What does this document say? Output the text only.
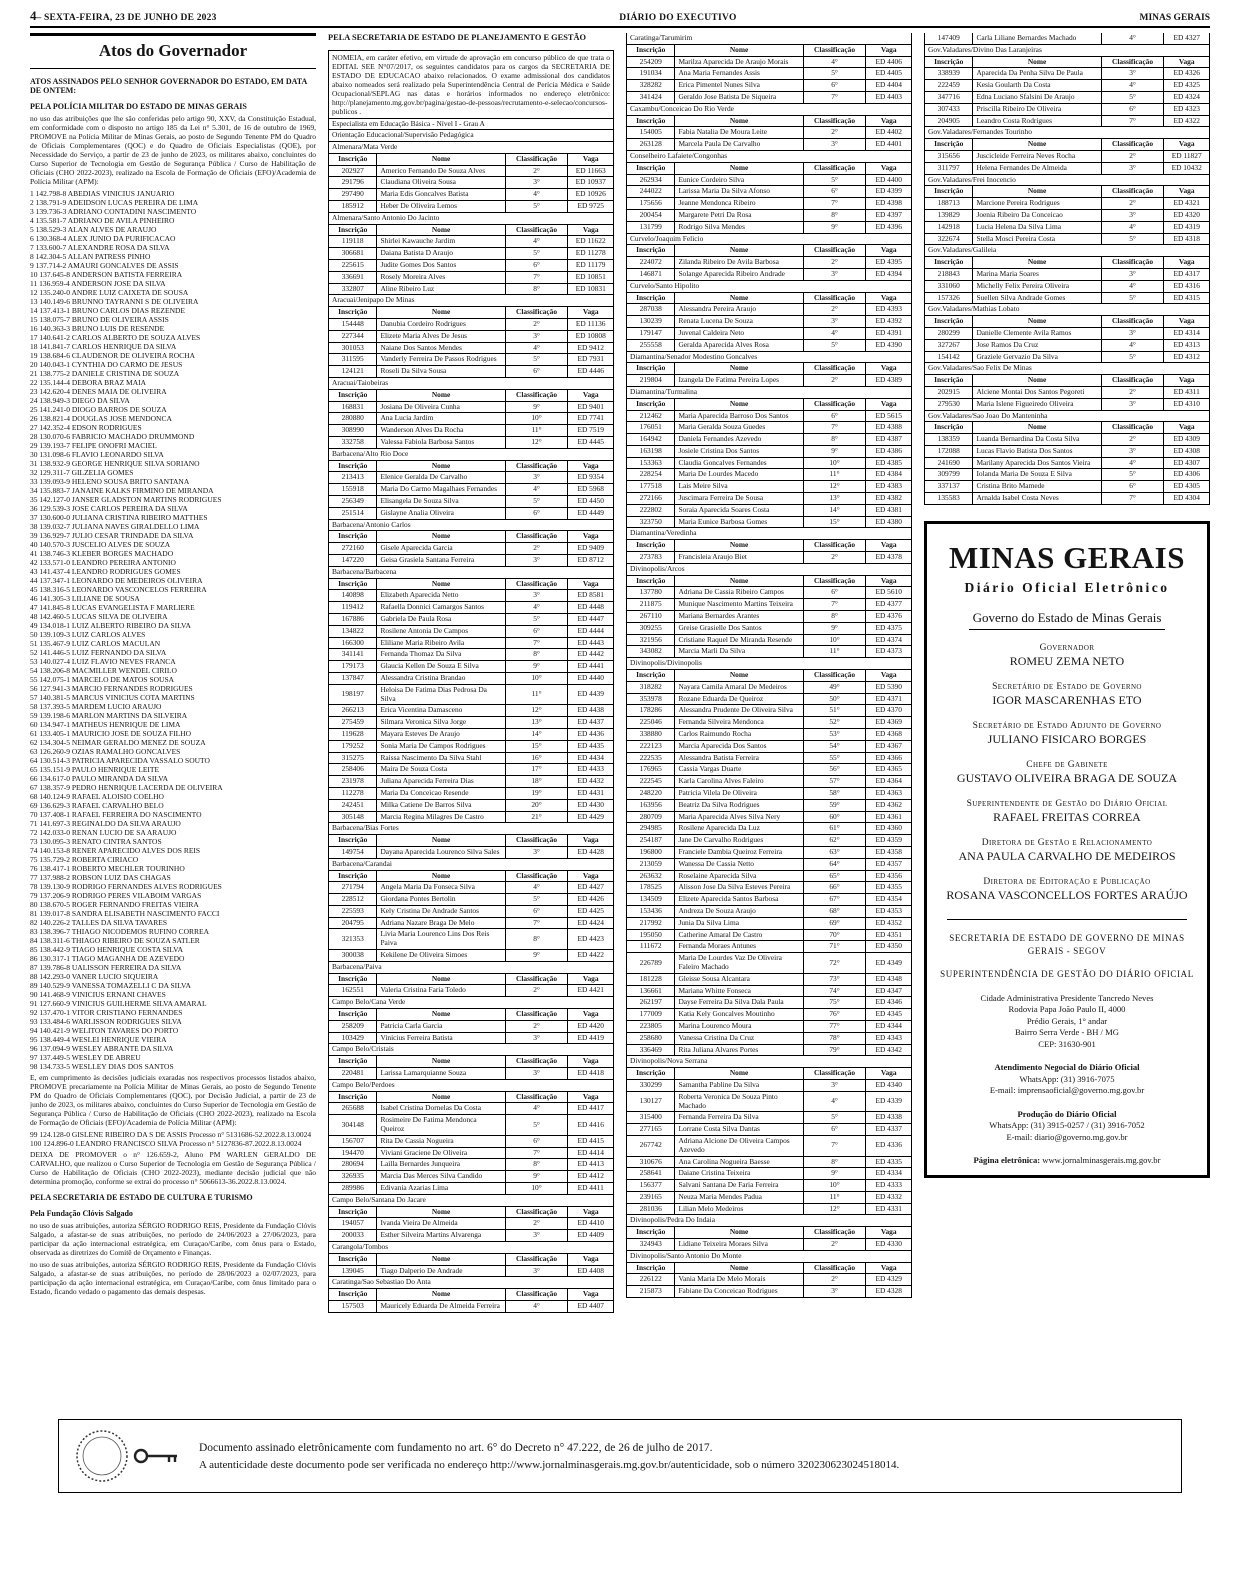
4 – SEXTA-FEIRA, 23 DE JUNHO DE 2023	DIÁRIO DO EXECUTIVO	MINAS GERAIS
Atos do Governador
ATOS ASSINADOS PELO SENHOR GOVERNADOR DO ESTADO, EM DATA DE ONTEM:
PELA POLÍCIA MILITAR DO ESTADO DE MINAS GERAIS
no uso das atribuições que lhe são conferidas pelo artigo 90, XXV, da Constituição Estadual, em conformidade com o disposto no artigo 185 da Lei n° 5.301, de 16 de outubro de 1969, PROMOVE na Polícia Militar de Minas Gerais, ao posto de Segundo Tenente PM do Quadro de Oficiais Complementares (QOC) e do Quadro de Oficiais Especialistas (QOE), por Necessidade do Serviço, a partir de 23 de junho de 2023, os militares abaixo, concluintes do Curso Superior de Tecnologia em Gestão de Segurança Pública / Curso de Habilitação de Oficiais (CHO 2022-2023), realizado na Escola de Formação de Oficiais (EFO)/Academia de Polícia Militar (APM):
1 142.798-8 ABEDIAS VINICIUS JANUARIO
2 138.791-9 ADEIDSON LUCAS PEREIRA DE LIMA
3 139.736-3 ADRIANO CONTADINI NASCIMENTO
4 135.581-7 ADRIANO DE AVILA PINHEIRO
5 138.529-3 ALAN ALVES DE ARAUJO
6 130.368-4 ALEX JUNIO DA PURIFICACAO
7 133.600-7 ALEXANDRE ROSA DA SILVA
8 142.304-5 ALLAN PATRESS PINHO
9 137.714-2 AMAURI GONCALVES DE ASSIS
10 137.645-8 ANDERSON BATISTA FERREIRA
11 136.959-4 ANDERSON JOSE DA SILVA
12 135.240-0 ANDRE LUIZ CAIXETA DE SOUSA
13 140.149-6 BRUNNO TAYRANNI S DE OLIVEIRA
14 137.413-1 BRUNO CARLOS DIAS REZENDE
15 138.075-7 BRUNO DE OLIVEIRA ASSIS
16 140.363-3 BRUNO LUIS DE RESENDE
17 140.641-2 CARLOS ALBERTO DE SOUZA ALVES
18 141.841-7 CARLOS HENRIQUE DA SILVA
19 138.684-6 CLAUDENOR DE OLIVEIRA ROCHA
20 140.043-1 CYNTHIA DO CARMO DE JESUS
21 138.775-2 DANIELE CRISTINA DE SOUZA
22 135.144-4 DEBORA BRAZ MAIA
23 142.620-4 DENES MAIA DE OLIVEIRA
24 138.949-3 DIEGO DA SILVA
25 141.241-0 DIOGO BARROS DE SOUZA
26 138.821-4 DOUGLAS JOSE MENDONCA
27 142.352-4 EDSON RODRIGUES
28 130.070-6 FABRICIO MACHADO DRUMMOND
29 139.193-7 FELIPE ONOFRI MACIEL
30 131.098-6 FLAVIO LEONARDO SILVA
31 138.932-9 GEORGE HENRIQUE SILVA SORIANO
32 129.311-7 GILZELIA GOMES
33 139.093-9 HELENO SOUSA BRITO SANTANA
34 135.883-7 JANAINE KALKS FIRMINO DE MIRANDA
35 142.127-0 JANSER GLADSTON MARTINS RODRIGUES
36 129.539-3 JOSE CARLOS PEREIRA DA SILVA
37 130.600-0 JULIANA CRISTINA RIBEIRO MATTHES
38 139.032-7 JULIANA NAVES GIRALDELLO LIMA
39 136.929-7 JULIO CESAR TRINDADE DA SILVA
40 140.570-3 JUSCELIO ALVES DE SOUZA
41 138.746-3 KLEBER BORGES MACHADO
42 133.571-0 LEANDRO PEREIRA ANTONIO
43 141.437-4 LEANDRO RODRIGUES GOMES
44 137.347-1 LEONARDO DE MEDEIROS OLIVEIRA
45 138.316-5 LEONARDO VASCONCELOS FERREIRA
46 141.305-3 LILIANE DE SOUSA
47 141.845-8 LUCAS EVANGELISTA F MARLIERE
48 142.460-5 LUCAS SILVA DE OLIVEIRA
49 134.018-1 LUIZ ALBERTO RIBEIRO DA SILVA
50 139.109-3 LUIZ CARLOS ALVES
51 135.467-9 LUIZ CARLOS MACULAN
52 141.446-5 LUIZ FERNANDO DA SILVA
53 140.027-4 LUIZ FLAVIO NEVES FRANCA
54 138.206-8 MACMILLER WENDEL CIRILO
55 142.075-1 MARCELO DE MATOS SOUSA
56 127.941-3 MARCIO FERNANDES RODRIGUES
57 140.381-5 MARCUS VINICIUS COTA MARTINS
58 137.393-5 MARDEM LUCIO ARAUJO
59 139.198-6 MARLON MARTINS DA SILVEIRA
60 134.947-1 MATHEUS HENRIQUE DE LIMA
61 133.405-1 MAURICIO JOSE DE SOUZA FILHO
62 134.304-5 NEIMAR GERALDO MENEZ DE SOUZA
63 126.260-9 OZIAS RAMALHO GONCALVES
64 130.514-3 PATRICIA APARECIDA VASSALO SOUTO
65 135.151-9 PAULO HENRIQUE LEITE
66 134.617-0 PAULO MIRANDA DA SILVA
67 138.357-9 PEDRO HENRIQUE LACERDA DE OLIVEIRA
68 140.124-9 RAFAEL ALOISIO COELHO
69 136.629-3 RAFAEL CARVALHO BELO
70 137.408-1 RAFAEL FERREIRA DO NASCIMENTO
71 141.697-3 REGINALDO DA SILVA ARAUJO
72 142.033-0 RENAN LUCIO DE SA ARAUJO
73 130.095-3 RENATO CINTRA SANTOS
74 140.153-8 RENER APARECIDO ALVES DOS REIS
75 135.729-2 ROBERTA CIRIACO
76 138.417-1 ROBERTO MECHLER TOURINHO
77 137.988-2 ROBSON LUIZ DAS CHAGAS
78 139.130-9 RODRIGO FERNANDES ALVES RODRIGUES
79 137.206-9 RODRIGO PERES VILABOIM VARGAS
80 138.670-5 ROGER FERNANDO FREITAS VIEIRA
81 139.017-8 SANDRA ELISABETH NASCIMENTO FACCI
82 140.226-2 TALLES DA SILVA TAVARES
83 138.396-7 THIAGO NICODEMOS RUFINO CORREA
84 138.311-6 THIAGO RIBEIRO DE SOUZA SATLER
85 138.442-9 TIAGO HENRIQUE COSTA SILVA
86 130.317-1 TIAGO MAGANHA DE AZEVEDO
87 139.786-8 UALISSON FERREIRA DA SILVA
88 142.293-0 VANER LUCIO SIQUEIRA
89 140.529-9 VANESSA TOMAZELLI C DA SILVA
90 141.468-9 VINICIUS ERNANI CHAVES
91 127.660-9 VINICIUS GUILHERME SILVA AMARAL
92 137.470-1 VITOR CRISTIANO FERNANDES
93 133.484-6 WARLISSON RODRIGUES SILVA
94 140.421-9 WELITON TAVARES DO PORTO
95 138.449-4 WESLEI HENRIQUE VIEIRA
96 137.094-9 WESLEY ABRANTE DA SILVA
97 137.449-5 WESLEY DE ABREU
98 134.733-5 WESLLEY DIAS DOS SANTOS
E, em cumprimento às decisões judiciais exaradas nos respectivos processos listados abaixo, PROMOVE precariamente na Polícia Militar de Minas Gerais, ao posto de Segundo Tenente PM do Quadro de Oficiais Complementares (QOC), por Decisão Judicial, a partir de 23 de junho de 2023, os militares abaixo, concluintes do Curso Superior de Tecnologia em Gestão de Segurança Pública / Curso de Habilitação de Oficiais (CHO 2022-2023), realizado na Escola de Formação de Oficiais (EFO)/Academia de Polícia Militar (APM):
99 124.128-0 GISLENE RIBEIRO DA S DE ASSIS Processo n° 5131686-52.2022.8.13.0024
100 124.896-0 LEANDRO FRANCISCO SILVA Processo n° 5127836-87.2022.8.13.0024
DEIXA DE PROMOVER o n° 126.659-2, Aluno PM WARLEN GERALDO DE CARVALHO, que realizou o Curso Superior de Tecnologia em Gestão de Segurança Pública / Curso de Habilitação de Oficiais (CHO 2022-2023), mediante decisão judicial que não determina promoção, conforme se extrai do processo n° 5066613-36.2022.8.13.0024.
PELA SECRETARIA DE ESTADO DE CULTURA E TURISMO
Pela Fundação Clóvis Salgado
no uso de suas atribuições, autoriza SÉRGIO RODRIGO REIS, Presidente da Fundação Clóvis Salgado, a afastar-se de suas atribuições, no período de 24/06/2023 a 27/06/2023, para participar da ação internacional estratégica, em Curaçao/Caribe, com ônus para o Estado, observada as diretrizes do Comitê de Orçamento e Finanças.
no uso de suas atribuições, autoriza SÉRGIO RODRIGO REIS, Presidente da Fundação Clóvis Salgado, a afastar-se de suas atribuições, no período de 28/06/2023 a 02/07/2023, para participação da ação internacional estratégica, em Curaçao/Caribe, com ônus limitado para o Estado, ficando vedado o pagamento das demais despesas.
PELA SECRETARIA DE ESTADO DE PLANEJAMENTO E GESTÃO
NOMEIA, em caráter efetivo, em virtude de aprovação em concurso público de que trata o EDITAL SEE N°07/2017, os seguintes candidatos para os cargos da SECRETARIA DE ESTADO DE EDUCACAO abaixo relacionados. O exame admissional dos candidatos abaixo nomeados será realizado pela Superintendência Central de Perícia Médica e Saúde Ocupacional/SEPLAG nas datas e horários informados no endereço eletrônico: http://planejamento.mg.gov.br/pagina/gestao-de-pessoas/recrutamento-e-selecao/concursos-publicos .
Especialista em Educação Básica - Nível I - Grau A
Orientação Educacional/Supervisão Pedagógica
Almenara/Mata Verde
Inscrição	Nome	Classificação	Vaga
202927	Americo Fernando De Souza Alves	2°	ED 11663
291796	Claudiana Oliveira Sousa	3°	ED 10937
297490	Maria Edis Goncalves Batista	4°	ED 10926
185912	Heber De Oliveira Lemos	5°	ED 9725
Almenara/Santo Antonio Do Jacinto
Inscrição	Nome	Classificação	Vaga
119118	Shirlei Kawauche Jardim	4°	ED 11622
306681	Daiana Batista D Araujo	5°	ED 11278
225615	Judite Gomes Dos Santos	6°	ED 11179
336691	Rosely Moreira Alves	7°	ED 10851
332807	Aline Ribeiro Luz	8°	ED 10831
Aracuai/Jenipapo De Minas
Inscrição	Nome	Classificação	Vaga
154448	Danubia Cordeiro Rodrigues	2°	ED 11136
227344	Elizete Maria Alves De Jesus	3°	ED 10808
301053	Naiane Dos Santos Mendes	4°	ED 9412
311595	Vanderly Ferreira De Passos Rodrigues	5°	ED 7931
124121	Roseli Da Silva Sousa	6°	ED 4446
Aracuai/Taiobeiras
Inscrição	Nome	Classificação	Vaga
168831	Josiana De Oliveira Cunha	9°	ED 9401
280880	Ana Lucia Jardim	10°	ED 7741
308990	Wanderson Alves Da Rocha	11°	ED 7519
332758	Valessa Fabiola Barbosa Santos	12°	ED 4445
Barbacena/Alto Rio Doce
Inscrição	Nome	Classificação	Vaga
213413	Elenice Geralda De Carvalho	3°	ED 9354
155918	Maria Do Carmo Magalhaes Fernandes	4°	ED 5968
256349	Elisangela De Souza Silva	5°	ED 4450
251514	Gislayne Analia Oliveira	6°	ED 4449
Barbacena/Antonio Carlos
Inscrição	Nome	Classificação	Vaga
272160	Gisele Aparecida Garcia	2°	ED 9409
147220	Geisa Grasiela Santana Ferreira	3°	ED 8712
Barbacena/Barbacena
Inscrição	Nome	Classificação	Vaga
140898	Elizabeth Aparecida Netto	3°	ED 8581
119412	Rafaella Donnici Camargos Santos	4°	ED 4448
167886	Gabriela De Paula Rosa	5°	ED 4447
134822	Rosilene Antonia De Campos	6°	ED 4444
166300	Eliliane Maria Ribeiro Avila	7°	ED 4443
341141	Fernanda Thomaz Da Silva	8°	ED 4442
179173	Glaucia Kellen De Souza E Silva	9°	ED 4441
137847	Alessandra Cristina Brandao	10°	ED 4440
198197	Heloisa De Fatima Dias Pedrosa Da Silva	11°	ED 4439
266213	Erica Vicentina Damasceno	12°	ED 4438
275459	Silmara Veronica Silva Jorge	13°	ED 4437
119628	Mayara Esteves De Araujo	14°	ED 4436
179252	Sonia Maria De Campos Rodrigues	15°	ED 4435
315275	Raissa Nascimento Da Silva Stahl	16°	ED 4434
258406	Maira De Souza Costa	17°	ED 4433
231978	Juliana Aparecida Ferreira Dias	18°	ED 4432
112278	Maria Da Conceicao Resende	19°	ED 4431
242451	Milka Catiene De Barros Silva	20°	ED 4430
305148	Marcia Regina Milagres De Castro	21°	ED 4429
Barbacena/Bias Fortes
Inscrição	Nome	Classificação	Vaga
149754	Dayana Aparecida Lourenco Silva Sales	3°	ED 4428
Barbacena/Carandai
Inscrição	Nome	Classificação	Vaga
271794	Angela Maria Da Fonseca Silva	4°	ED 4427
228512	Giordana Pontes Bertolin	5°	ED 4426
225593	Kely Cristina De Andrade Santos	6°	ED 4425
204795	Adriana Nazare Braga De Melo	7°	ED 4424
321353	Livia Maria Lourenco Lins Dos Reis Paiva	8°	ED 4423
300038	Kekilene De Oliveira Simoes	9°	ED 4422
Barbacena/Paiva
Inscrição	Nome	Classificação	Vaga
162551	Valeria Cristina Faria Toledo	2°	ED 4421
Campo Belo/Cana Verde
Inscrição	Nome	Classificação	Vaga
258209	Patricia Carla Garcia	2°	ED 4420
103429	Vinicius Ferreira Batista	3°	ED 4419
Campo Belo/Cristais
Inscrição	Nome	Classificação	Vaga
220481	Larissa Lamarquianne Souza	3°	ED 4418
Campo Belo/Perdoes
Inscrição	Nome	Classificação	Vaga
265688	Isabel Cristina Dornelas Da Costa	4°	ED 4417
304148	Rosimeire De Fatima Mendonca Queiroz	5°	ED 4416
156707	Rita De Cassia Nogueira	6°	ED 4415
194470	Viviani Graciene De Oliveira	7°	ED 4414
280694	Lailla Bernardes Junqueira	8°	ED 4413
326935	Marcia Das Merces Silva Candido	9°	ED 4412
289986	Edivania Azarias Lima	10°	ED 4411
Campo Belo/Santana Do Jacare
Inscrição	Nome	Classificação	Vaga
194057	Ivanda Vieira De Almeida	2°	ED 4410
200033	Esther Silveira Martins Alvarenga	3°	ED 4409
Carangola/Tombos
Inscrição	Nome	Classificação	Vaga
139045	Tiago Dalperio De Andrade	3°	ED 4408
Caratinga/Sao Sebastiao Do Anta
Inscrição	Nome	Classificação	Vaga
157503	Mauricely Eduarda De Almeida Ferreira	4°	ED 4407
Caratinga/Tarumirim
Inscrição	Nome	Classificação	Vaga
254209	Marilza Aparecida De Araujo Morais	4°	ED 4406
191034	Ana Maria Fernandes Assis	5°	ED 4405
328282	Erica Pimentel Nunes Silva	6°	ED 4404
341424	Geraldo Jose Batista De Siqueira	7°	ED 4403
Caxambu/Conceicao Do Rio Verde
Inscrição	Nome	Classificação	Vaga
154005	Fabia Natalia De Moura Leite	2°	ED 4402
263128	Marcela Paula De Carvalho	3°	ED 4401
Conselheiro Lafaiete/Congonhas
Inscrição	Nome	Classificação	Vaga
262934	Eunice Cordeiro Silva	5°	ED 4400
244022	Larissa Maria Da Silva Afonso	6°	ED 4399
175656	Jeanne Mendonca Ribeiro	7°	ED 4398
200454	Margarete Petri Da Rosa	8°	ED 4397
131799	Rodrigo Silva Mendes	9°	ED 4396
Curvelo/Joaquim Felicio
Inscrição	Nome	Classificação	Vaga
224072	Zilanda Ribeiro De Avila Barbosa	2°	ED 4395
146871	Solange Aparecida Ribeiro Andrade	3°	ED 4394
Curvelo/Santo Hipolito
Inscrição	Nome	Classificação	Vaga
287038	Alessandra Pereira Araujo	2°	ED 4393
130239	Renata Lucena De Souza	3°	ED 4392
179147	Juvenal Caldeira Neto	4°	ED 4391
255558	Geralda Aparecida Alves Rosa	5°	ED 4390
Diamantina/Senador Modestino Goncalves
Inscrição	Nome	Classificação	Vaga
219804	Izangela De Fatima Pereira Lopes	2°	ED 4389
Diamantina/Turmalina
Inscrição	Nome	Classificação	Vaga
212462	Maria Aparecida Barroso Dos Santos	6°	ED 5615
176051	Maria Geralda Souza Guedes	7°	ED 4388
164942	Daniela Fernandes Azevedo	8°	ED 4387
163198	Josiele Cristina Dos Santos	9°	ED 4386
153363	Claudia Goncalves Fernandes	10°	ED 4385
228254	Maria De Lourdes Macedo	11°	ED 4384
177518	Lais Meire Silva	12°	ED 4383
272166	Juscimara Ferreira De Sousa	13°	ED 4382
222802	Soraia Aparecida Soares Costa	14°	ED 4381
323750	Maria Eunice Barbosa Gomes	15°	ED 4380
Diamantina/Veredinha
Inscrição	Nome	Classificação	Vaga
273783	Francisleia Araujo Biet	2°	ED 4378
Divinopolis/Arcos
Inscrição	Nome	Classificação	Vaga
137780	Adriana De Cassia Ribeiro Campos	6°	ED 5610
211875	Munique Nascimento Martins Teixeira	7°	ED 4377
267110	Mariana Bernardes Arantes	8°	ED 4376
309255	Greise Grasielle Dos Santos	9°	ED 4375
321956	Cristiane Raquel De Miranda Resende	10°	ED 4374
343082	Marcia Marli Da Silva	11°	ED 4373
Divinopolis/Divinopolis
Inscrição	Nome	Classificação	Vaga
318282	Nayara Camila Amaral De Medeiros	49°	ED 5390
353978	Rozane Eduarda De Queiroz	50°	ED 4371
178286	Alessandra Prudente De Oliveira Silva	51°	ED 4370
225046	Fernanda Silveira Mendonca	52°	ED 4369
338880	Carlos Raimundo Rocha	53°	ED 4368
222123	Marcia Aparecida Dos Santos	54°	ED 4367
222535	Alessandra Batista Ferreira	55°	ED 4366
176965	Cassia Vargas Duarte	56°	ED 4365
222545	Karla Carolina Alves Faleiro	57°	ED 4364
248220	Patricia Vilela De Oliveira	58°	ED 4363
163956	Beatriz Da Silva Rodrigues	59°	ED 4362
280709	Maria Aparecida Alves Silva Nery	60°	ED 4361
294985	Rosilene Aparecida Da Luz	61°	ED 4360
254187	Jane De Carvalho Rodrigues	62°	ED 4359
196800	Franciele Dambia Queiroz Ferreira	63°	ED 4358
213059	Wanessa De Cassia Netto	64°	ED 4357
263632	Roselaine Aparecida Silva	65°	ED 4356
178525	Alisson Jose Da Silva Esteves Pereira	66°	ED 4355
134509	Elizete Aparecida Santos Barbosa	67°	ED 4354
153436	Andreza De Souza Araujo	68°	ED 4353
217992	Junia Da Silva Lima	69°	ED 4352
195050	Catherine Amaral De Castro	70°	ED 4351
111672	Fernanda Moraes Antunes	71°	ED 4350
226789	Maria De Lourdes Vaz De Oliveira Faleiro Machado	72°	ED 4349
181228	Gleisse Sousa Alcantara	73°	ED 4348
136661	Mariana Whitte Fonseca	74°	ED 4347
262197	Dayse Ferreira Da Silva Dala Paula	75°	ED 4346
177009	Katia Kely Goncalves Moutinho	76°	ED 4345
223805	Marina Lourenco Moura	77°	ED 4344
258680	Vanessa Cristina Da Cruz	78°	ED 4343
336469	Rita Juliana Alvares Portes	79°	ED 4342
Divinopolis/Nova Serrana
Inscrição	Nome	Classificação	Vaga
330299	Samantha Pabline Da Silva	3°	ED 4340
130127	Roberta Veronica De Souza Pinto Machado	4°	ED 4339
315400	Fernanda Ferreira Da Silva	5°	ED 4338
277165	Lorrane Costa Silva Dantas	6°	ED 4337
267742	Adriana Alcione De Oliveira Campos Azevedo	7°	ED 4336
310676	Ana Carolina Nogueira Baesse	8°	ED 4335
258641	Daiane Cristina Teixeira	9°	ED 4334
156377	Salvani Santana De Faria Ferreira	10°	ED 4333
239165	Neuza Maria Mendes Padua	11°	ED 4332
281036	Lilian Melo Medeiros	12°	ED 4331
Divinopolis/Pedra Do Indaia
Inscrição	Nome	Classificação	Vaga
324943	Lidiane Teixeira Moraes Silva	2°	ED 4330
Divinopolis/Santo Antonio Do Monte
Inscrição	Nome	Classificação	Vaga
226122	Vania Maria De Melo Morais	2°	ED 4329
215873	Fabiane Da Conceicao Rodrigues	3°	ED 4328
147409	Carla Liliane Bernardes Machado	4°	ED 4327
Gov.Valadares/Divino Das Laranjeiras
Inscrição	Nome	Classificação	Vaga
338939	Aparecida Da Penha Silva De Paula	3°	ED 4326
222459	Kesia Goularth Da Costa	4°	ED 4325
347716	Edna Luciano Sfalsini De Araujo	5°	ED 4324
307433	Priscilla Ribeiro De Oliveira	6°	ED 4323
204905	Leandro Costa Rodrigues	7°	ED 4322
Gov.Valadares/Fernandes Tourinho
Inscrição	Nome	Classificação	Vaga
315656	Juscicleide Ferreira Neves Rocha	2°	ED 11827
311797	Helena Fernandes De Almeida	3°	ED 10432
Gov.Valadares/Frei Inocencio
Inscrição	Nome	Classificação	Vaga
188713	Marcione Pereira Rodrigues	2°	ED 4321
139829	Joenia Ribeiro Da Conceicao	3°	ED 4320
142918	Lucia Helena Da Silva Lima	4°	ED 4319
322674	Stella Mosci Pereira Costa	5°	ED 4318
Gov.Valadares/Galileia
Inscrição	Nome	Classificação	Vaga
218843	Marina Maria Soares	3°	ED 4317
331060	Michelly Felix Pereira Oliveira	4°	ED 4316
157326	Suellen Silva Andrade Gomes	5°	ED 4315
Gov.Valadares/Mathias Lobato
Inscrição	Nome	Classificação	Vaga
280299	Danielle Clemente Avila Ramos	3°	ED 4314
327267	Jose Ramos Da Cruz	4°	ED 4313
154142	Graziele Gervazio Da Silva	5°	ED 4312
Gov.Valadares/Sao Felix De Minas
Inscrição	Nome	Classificação	Vaga
202915	Alciene Montai Dos Santos Pegoreti	2°	ED 4311
279530	Maria Islene Figueiredo Oliveira	3°	ED 4310
Gov.Valadares/Sao Joao Do Manteninha
Inscrição	Nome	Classificação	Vaga
138359	Luanda Bernardina Da Costa Silva	2°	ED 4309
172088	Lucas Flavio Batista Dos Santos	3°	ED 4308
241690	Marilany Aparecida Dos Santos Vieira	4°	ED 4307
309799	Iolanda Maria De Souza E Silva	5°	ED 4306
337137	Cristina Brito Mamede	6°	ED 4305
135583	Arnalda Isabel Costa Neves	7°	ED 4304
MINAS GERAIS
Diário Oficial Eletrônico
Governo do Estado de Minas Gerais
Governador
ROMEU ZEMA NETO
Secretário de Estado de Governo
IGOR MASCARENHAS ETO
Secretário de Estado Adjunto de Governo
JULIANO FISICARO BORGES
Chefe de Gabinete
GUSTAVO OLIVEIRA BRAGA DE SOUZA
Superintendente de Gestão do Diário Oficial
RAFAEL FREITAS CORREA
Diretora de Gestão e Relacionamento
ANA PAULA CARVALHO DE MEDEIROS
Diretora de Editoração e Publicação
ROSANA VASCONCELLOS FORTES ARAÚJO
SECRETARIA DE ESTADO DE GOVERNO DE MINAS GERAIS - SEGOV
SUPERINTENDÊNCIA DE GESTÃO DO DIÁRIO OFICIAL
Cidade Administrativa Presidente Tancredo Neves
Rodovia Papa João Paulo II, 4000
Prédio Gerais, 1° andar
Bairro Serra Verde - BH / MG
CEP: 31630-901
Atendimento Negocial do Diário Oficial
WhatsApp: (31) 3916-7075
E-mail: imprensaoficial@governo.mg.gov.br
Produção do Diário Oficial
WhatsApp: (31) 3915-0257 / (31) 3916-7052
E-mail: diario@governo.mg.gov.br
Página eletrônica: www.jornalminasgerais.mg.gov.br
Documento assinado eletrônicamente com fundamento no art. 6° do Decreto n° 47.222, de 26 de julho de 2017.
A autenticidade deste documento pode ser verificada no endereço http://www.jornalminasgerais.mg.gov.br/autenticidade, sob o número 320230623024518014.
